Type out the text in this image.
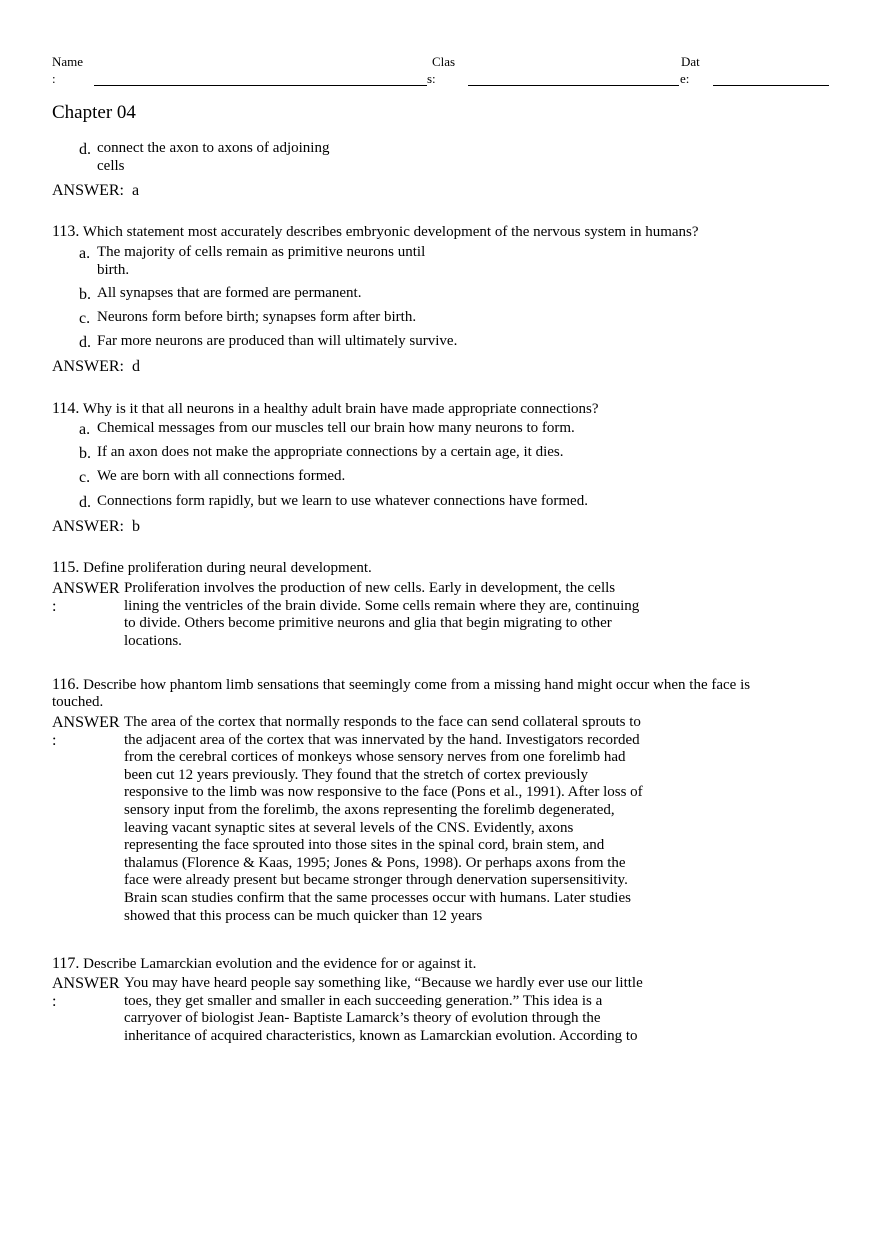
Name
:
Clas
s:
Dat
e:
Chapter 04
d. connect the axon to axons of adjoining
cells
ANSWER: a
113. Which statement most accurately describes embryonic development of the nervous system in humans?
a. The majority of cells remain as primitive neurons until
birth.
b. All synapses that are formed are permanent.
c. Neurons form before birth; synapses form after birth.
d. Far more neurons are produced than will ultimately survive.
ANSWER: d
114. Why is it that all neurons in a healthy adult brain have made appropriate connections?
a. Chemical messages from our muscles tell our brain how many neurons to form.
b. If an axon does not make the appropriate connections by a certain age, it dies.
c. We are born with all connections formed.
d. Connections form rapidly, but we learn to use whatever connections have formed.
ANSWER: b
115. Define proliferation during neural development.
ANSWER
:
Proliferation involves the production of new cells. Early in development, the cells
lining the ventricles of the brain divide. Some cells remain where they are, continuing
to divide. Others become primitive neurons and glia that begin migrating to other
locations.
116. Describe how phantom limb sensations that seemingly come from a missing hand might occur when the face is
touched.
ANSWER
:
The area of the cortex that normally responds to the face can send collateral sprouts to
the adjacent area of the cortex that was innervated by the hand. Investigators recorded
from the cerebral cortices of monkeys whose sensory nerves from one forelimb had
been cut 12 years previously. They found that the stretch of cortex previously
responsive to the limb was now responsive to the face (Pons et al., 1991). After loss of
sensory input from the forelimb, the axons representing the forelimb degenerated,
leaving vacant synaptic sites at several levels of the CNS. Evidently, axons
representing the face sprouted into those sites in the spinal cord, brain stem, and
thalamus (Florence & Kaas, 1995; Jones & Pons, 1998). Or perhaps axons from the
face were already present but became stronger through denervation supersensitivity.
Brain scan studies confirm that the same processes occur with humans. Later studies
showed that this process can be much quicker than 12 years
117. Describe Lamarckian evolution and the evidence for or against it.
ANSWER
:
You may have heard people say something like, “Because we hardly ever use our little
toes, they get smaller and smaller in each succeeding generation.” This idea is a
carryover of biologist Jean- Baptiste Lamarck’s theory of evolution through the
inheritance of acquired characteristics, known as Lamarckian evolution. According to
